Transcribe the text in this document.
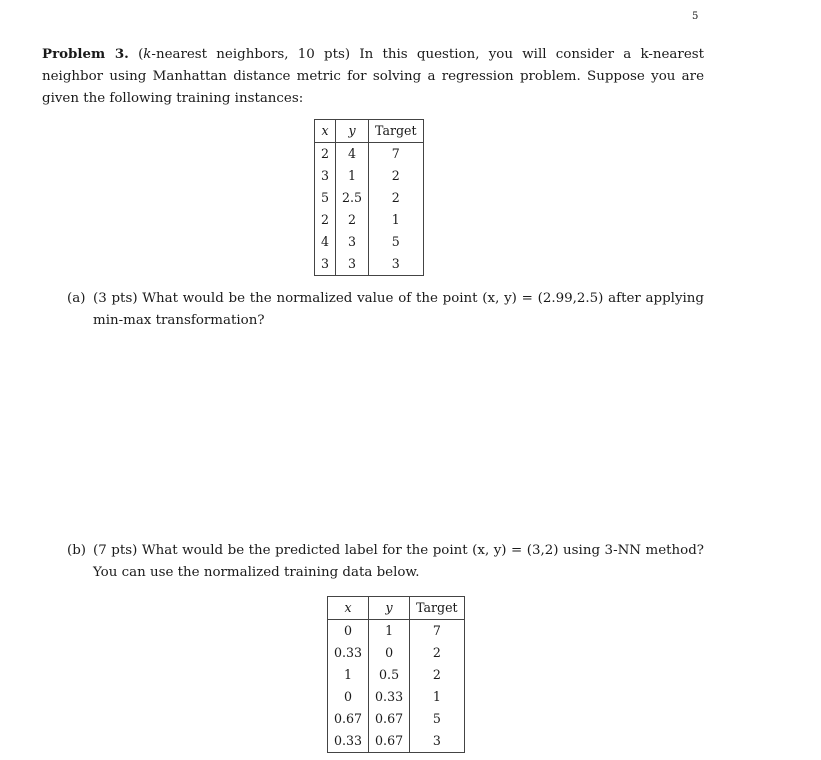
5
Problem 3. (k-nearest neighbors, 10 pts) In this question, you will consider a k-nearest neighbor using Manhattan distance metric for solving a regression problem. Suppose you are given the following training instances:
x	y	Target
2	4	7
3	1	2
5	2.5	2
2	2	1
4	3	5
3	3	3
(a) (3 pts) What would be the normalized value of the point (x, y) = (2.99,2.5) after applying min-max transformation?
(b) (7 pts) What would be the predicted label for the point (x, y) = (3,2) using 3-NN method? You can use the normalized training data below.
x	y	Target
0	1	7
0.33	0	2
1	0.5	2
0	0.33	1
0.67	0.67	5
0.33	0.67	3
